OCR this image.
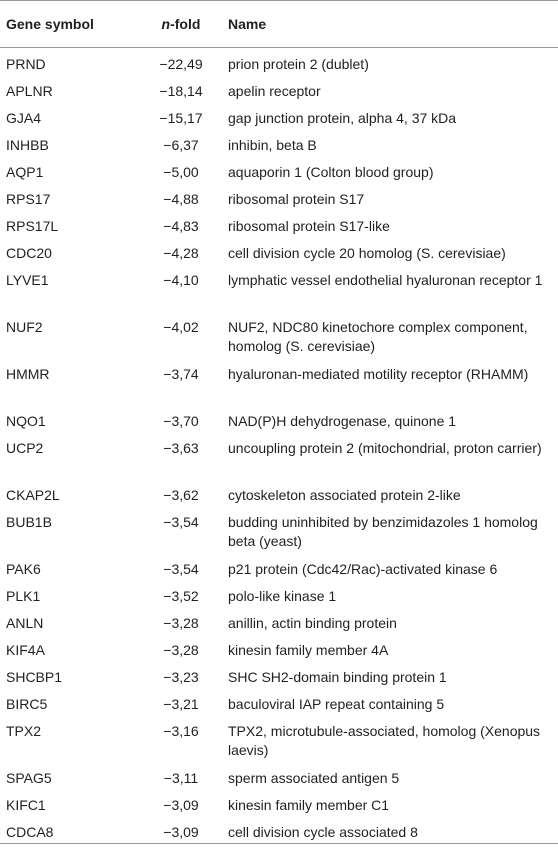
Gene symbol	n-fold	Name
PRND	−22,49	prion protein 2 (dublet)
APLNR	−18,14	apelin receptor
GJA4	−15,17	gap junction protein, alpha 4, 37 kDa
INHBB	−6,37	inhibin, beta B
AQP1	−5,00	aquaporin 1 (Colton blood group)
RPS17	−4,88	ribosomal protein S17
RPS17L	−4,83	ribosomal protein S17-like
CDC20	−4,28	cell division cycle 20 homolog (S. cerevisiae)
LYVE1	−4,10	lymphatic vessel endothelial hyaluronan receptor 1
NUF2	−4,02	NUF2, NDC80 kinetochore complex component, homolog (S. cerevisiae)
HMMR	−3,74	hyaluronan-mediated motility receptor (RHAMM)
NQO1	−3,70	NAD(P)H dehydrogenase, quinone 1
UCP2	−3,63	uncoupling protein 2 (mitochondrial, proton carrier)
CKAP2L	−3,62	cytoskeleton associated protein 2-like
BUB1B	−3,54	budding uninhibited by benzimidazoles 1 homolog beta (yeast)
PAK6	−3,54	p21 protein (Cdc42/Rac)-activated kinase 6
PLK1	−3,52	polo-like kinase 1
ANLN	−3,28	anillin, actin binding protein
KIF4A	−3,28	kinesin family member 4A
SHCBP1	−3,23	SHC SH2-domain binding protein 1
BIRC5	−3,21	baculoviral IAP repeat containing 5
TPX2	−3,16	TPX2, microtubule-associated, homolog (Xenopus laevis)
SPAG5	−3,11	sperm associated antigen 5
KIFC1	−3,09	kinesin family member C1
CDCA8	−3,09	cell division cycle associated 8
